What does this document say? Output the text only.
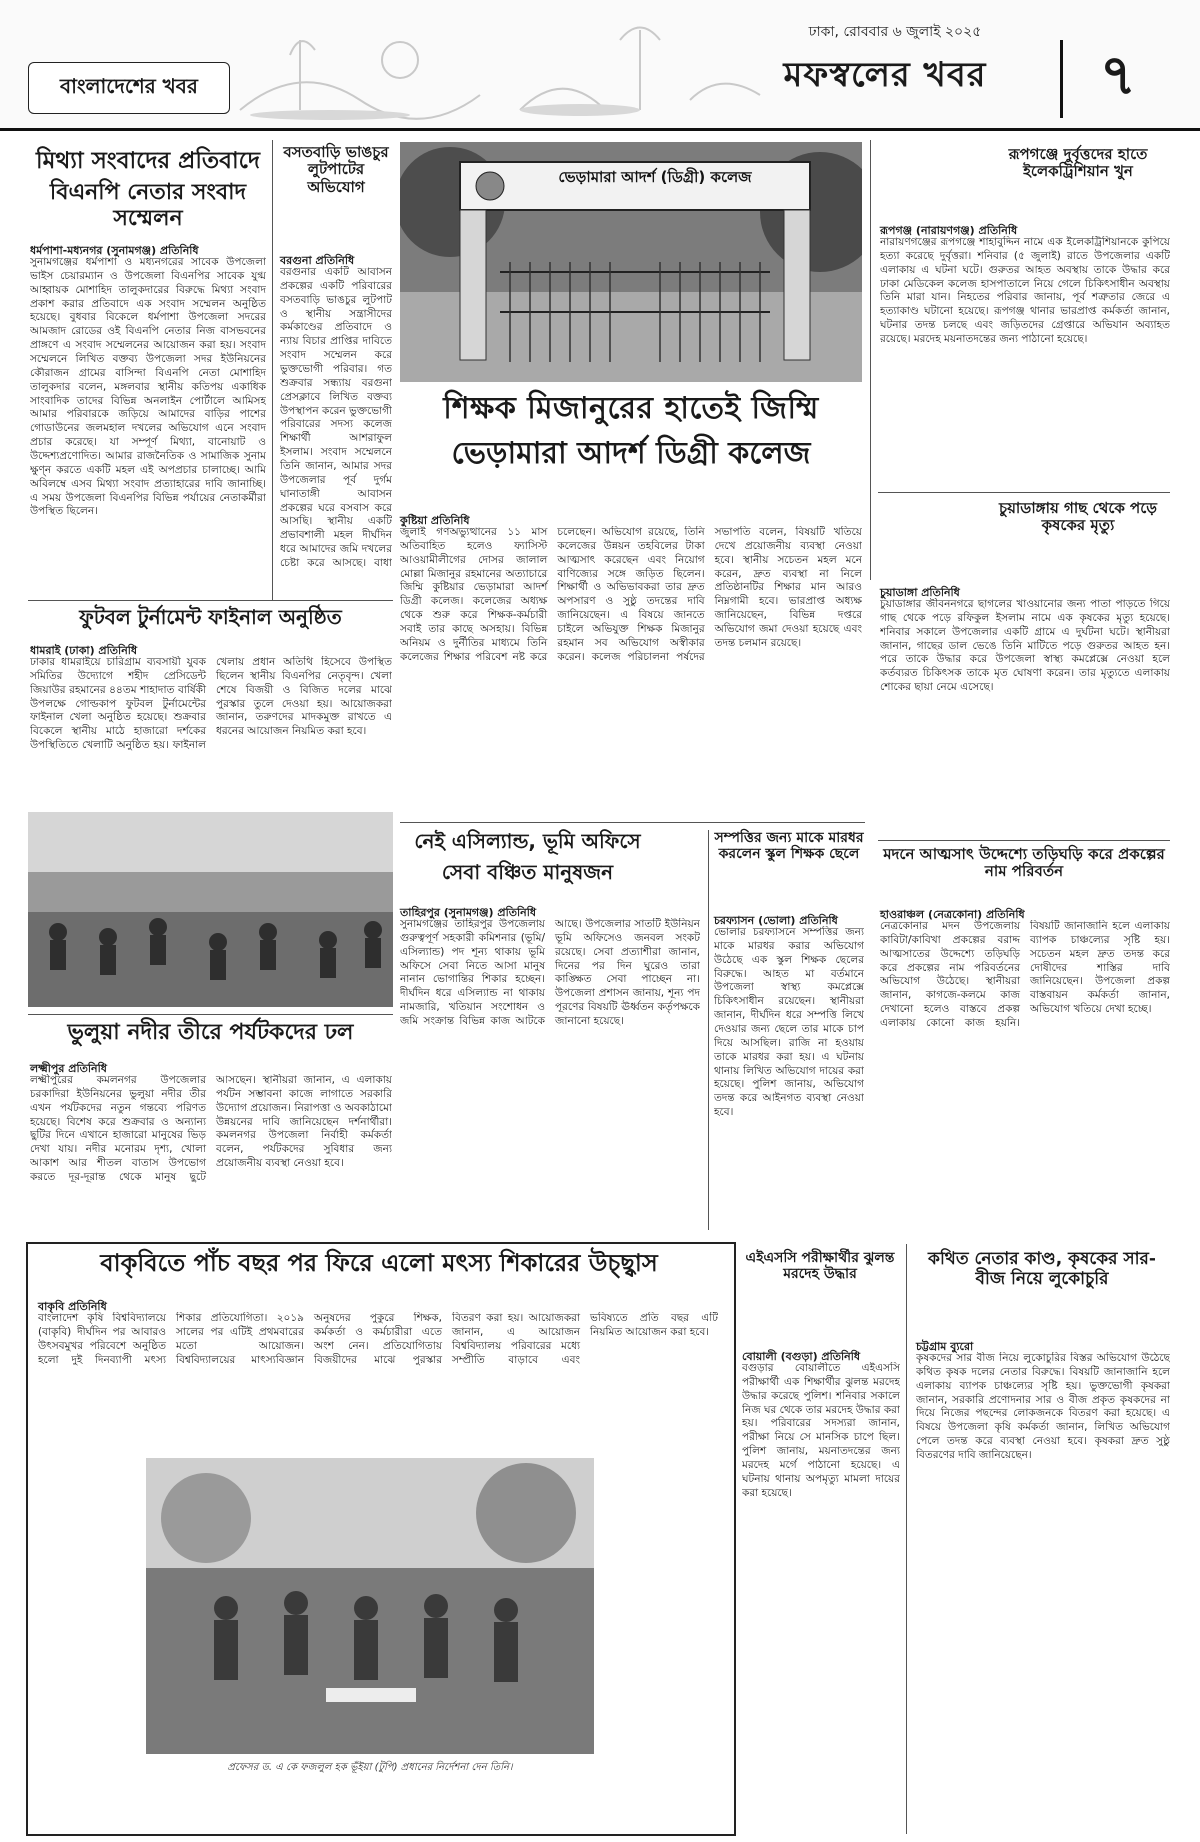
বাংলাদেশের খবর
ঢাকা, রোববার ৬ জুলাই ২০২৫
মফস্বলের খবর	৭
মিথ্যা সংবাদের প্রতিবাদে
বিএনপি নেতার সংবাদ সম্মেলন
ধর্মপাশা-মধ্যনগর (সুনামগঞ্জ) প্রতিনিধি
সুনামগঞ্জের ধর্মপাশা ও মধ্যনগরের সাবেক উপজেলা ভাইস চেয়ারম্যান ও উপজেলা বিএনপির সাবেক যুগ্ম আহ্বায়ক মোশাহিদ তালুকদারের বিরুদ্ধে মিথ্যা সংবাদ প্রকাশ করার প্রতিবাদে এক সংবাদ সম্মেলন অনুষ্ঠিত হয়েছে। বুধবার বিকেলে ধর্মপাশা উপজেলা সদরের আমজাদ রোডের ওই বিএনপি নেতার নিজ বাসভবনের প্রাঙ্গণে এ সংবাদ সম্মেলনের আয়োজন করা হয়। সংবাদ সম্মেলনে লিখিত বক্তব্য উপজেলা সদর ইউনিয়নের কৌরাজন গ্রামের বাসিন্দা বিএনপি নেতা মোশাহিদ তালুকদার বলেন, মঙ্গলবার স্থানীয় কতিপয় একাধিক সাংবাদিক তাদের বিভিন্ন অনলাইন পোর্টালে আমিসহ আমার পরিবারকে জড়িয়ে আমাদের বাড়ির পাশের গোডাউনের জলমহাল দখলের অভিযোগ এনে সংবাদ প্রচার করেছে। যা সম্পূর্ণ মিথ্যা, বানোয়াট ও উদ্দেশ্যপ্রণোদিত। আমার রাজনৈতিক ও সামাজিক সুনাম ক্ষুণ্ন করতে একটি মহল এই অপপ্রচার চালাচ্ছে। আমি অবিলম্বে এসব মিথ্যা সংবাদ প্রত্যাহারের দাবি জানাচ্ছি। এ সময় উপজেলা বিএনপির বিভিন্ন পর্যায়ের নেতাকর্মীরা উপস্থিত ছিলেন।
বসতবাড়ি ভাঙচুর লুটপাটের অভিযোগ
বরগুনা প্রতিনিধি
বরগুনার একটি আবাসন প্রকল্পের একটি পরিবারের বসতবাড়ি ভাঙচুর লুটপাট ও স্থানীয় সন্ত্রাসীদের কর্মকাণ্ডের প্রতিবাদে ও ন্যায় বিচার প্রাপ্তির দাবিতে সংবাদ সম্মেলন করে ভুক্তভোগী পরিবার। গত শুক্রবার সন্ধ্যায় বরগুনা প্রেসক্লাবে লিখিত বক্তব্য উপস্থাপন করেন ভুক্তভোগী পরিবারের সদস্য কলেজ শিক্ষার্থী আশরাফুল ইসলাম। সংবাদ সম্মেলনে তিনি জানান, আমার সদর উপজেলার পূর্ব দুর্গম ঘানাতাঙ্গী আবাসন প্রকল্পের ঘরে বসবাস করে আসছি। স্থানীয় একটি প্রভাবশালী মহল দীর্ঘদিন ধরে আমাদের জমি দখলের চেষ্টা করে আসছে। বাধা
ভেড়ামারা আদর্শ (ডিগ্রী) কলেজ
রূপগঞ্জে দুর্বৃত্তদের হাতে ইলেকট্রিশিয়ান খুন
রূপগঞ্জ (নারায়ণগঞ্জ) প্রতিনিধি
নারায়ণগঞ্জের রূপগঞ্জে শাহাবুদ্দিন নামে এক ইলেকট্রিশিয়ানকে কুপিয়ে হত্যা করেছে দুর্বৃত্তরা। শনিবার (৫ জুলাই) রাতে উপজেলার একটি এলাকায় এ ঘটনা ঘটে। গুরুতর আহত অবস্থায় তাকে উদ্ধার করে ঢাকা মেডিকেল কলেজ হাসপাতালে নিয়ে গেলে চিকিৎসাধীন অবস্থায় তিনি মারা যান। নিহতের পরিবার জানায়, পূর্ব শত্রুতার জেরে এ হত্যাকাণ্ড ঘটানো হয়েছে। রূপগঞ্জ থানার ভারপ্রাপ্ত কর্মকর্তা জানান, ঘটনার তদন্ত চলছে এবং জড়িতদের গ্রেপ্তারে অভিযান অব্যাহত রয়েছে। মরদেহ ময়নাতদন্তের জন্য পাঠানো হয়েছে।
শিক্ষক মিজানুরের হাতেই জিম্মি
ভেড়ামারা আদর্শ ডিগ্রী কলেজ
চুয়াডাঙ্গায় গাছ থেকে পড়ে কৃষকের মৃত্যু
চুয়াডাঙ্গা প্রতিনিধি
চুয়াডাঙ্গার জীবননগরে ছাগলের খাওয়ানোর জন্য পাতা পাড়তে গিয়ে গাছ থেকে পড়ে রফিকুল ইসলাম নামে এক কৃষকের মৃত্যু হয়েছে। শনিবার সকালে উপজেলার একটি গ্রামে এ দুর্ঘটনা ঘটে। স্থানীয়রা জানান, গাছের ডাল ভেঙে তিনি মাটিতে পড়ে গুরুতর আহত হন। পরে তাকে উদ্ধার করে উপজেলা স্বাস্থ্য কমপ্লেক্সে নেওয়া হলে কর্তব্যরত চিকিৎসক তাকে মৃত ঘোষণা করেন। তার মৃত্যুতে এলাকায় শোকের ছায়া নেমে এসেছে।
কুষ্টিয়া প্রতিনিধি
জুলাই গণঅভ্যুত্থানের ১১ মাস অতিবাহিত হলেও ফ্যাসিস্ট আওয়ামীলীগের দোসর জালাল মোল্লা মিজানুর রহমানের অত্যাচারে জিম্মি কুষ্টিয়ার ভেড়ামারা আদর্শ ডিগ্রী কলেজ। কলেজের অধ্যক্ষ থেকে শুরু করে শিক্ষক-কর্মচারী সবাই তার কাছে অসহায়। বিভিন্ন অনিয়ম ও দুর্নীতির মাধ্যমে তিনি কলেজের শিক্ষার পরিবেশ নষ্ট করে চলেছেন। অভিযোগ রয়েছে, তিনি কলেজের উন্নয়ন তহবিলের টাকা আত্মসাৎ করেছেন এবং নিয়োগ বাণিজ্যের সঙ্গে জড়িত ছিলেন। শিক্ষার্থী ও অভিভাবকরা তার দ্রুত অপসারণ ও সুষ্ঠু তদন্তের দাবি জানিয়েছেন। এ বিষয়ে জানতে চাইলে অভিযুক্ত শিক্ষক মিজানুর রহমান সব অভিযোগ অস্বীকার করেন। কলেজ পরিচালনা পর্ষদের সভাপতি বলেন, বিষয়টি খতিয়ে দেখে প্রয়োজনীয় ব্যবস্থা নেওয়া হবে। স্থানীয় সচেতন মহল মনে করেন, দ্রুত ব্যবস্থা না নিলে প্রতিষ্ঠানটির শিক্ষার মান আরও নিম্নগামী হবে। ভারপ্রাপ্ত অধ্যক্ষ জানিয়েছেন, বিভিন্ন দপ্তরে অভিযোগ জমা দেওয়া হয়েছে এবং তদন্ত চলমান রয়েছে।
ফুটবল টুর্নামেন্ট ফাইনাল অনুষ্ঠিত
ধামরাই (ঢাকা) প্রতিনিধি
ঢাকার ধামরাইয়ে চারিগ্রাম ব্যবসায়ী যুবক সমিতির উদ্যোগে শহীদ প্রেসিডেন্ট জিয়াউর রহমানের ৪৪তম শাহাদাত বার্ষিকী উপলক্ষে গোল্ডকাপ ফুটবল টুর্নামেন্টের ফাইনাল খেলা অনুষ্ঠিত হয়েছে। শুক্রবার বিকেলে স্থানীয় মাঠে হাজারো দর্শকের উপস্থিতিতে খেলাটি অনুষ্ঠিত হয়। ফাইনাল খেলায় প্রধান অতিথি হিসেবে উপস্থিত ছিলেন স্থানীয় বিএনপির নেতৃবৃন্দ। খেলা শেষে বিজয়ী ও বিজিত দলের মাঝে পুরস্কার তুলে দেওয়া হয়। আয়োজকরা জানান, তরুণদের মাদকমুক্ত রাখতে এ ধরনের আয়োজন নিয়মিত করা হবে।
নেই এসিল্যান্ড, ভূমি অফিসে
সেবা বঞ্চিত মানুষজন
তাহিরপুর (সুনামগঞ্জ) প্রতিনিধি
সুনামগঞ্জের তাহিরপুর উপজেলায় গুরুত্বপূর্ণ সহকারী কমিশনার (ভূমি/এসিল্যান্ড) পদ শূন্য থাকায় ভূমি অফিসে সেবা নিতে আসা মানুষ নানান ভোগান্তির শিকার হচ্ছেন। দীর্ঘদিন ধরে এসিল্যান্ড না থাকায় নামজারি, খতিয়ান সংশোধন ও জমি সংক্রান্ত বিভিন্ন কাজ আটকে আছে। উপজেলার সাতটি ইউনিয়ন ভূমি অফিসেও জনবল সংকট রয়েছে। সেবা প্রত্যাশীরা জানান, দিনের পর দিন ঘুরেও তারা কাঙ্ক্ষিত সেবা পাচ্ছেন না। উপজেলা প্রশাসন জানায়, শূন্য পদ পূরণের বিষয়টি ঊর্ধ্বতন কর্তৃপক্ষকে জানানো হয়েছে।
সম্পত্তির জন্য মাকে মারধর করলেন স্কুল শিক্ষক ছেলে
চরফ্যাসন (ভোলা) প্রতিনিধি
ভোলার চরফ্যাসনে সম্পত্তির জন্য মাকে মারধর করার অভিযোগ উঠেছে এক স্কুল শিক্ষক ছেলের বিরুদ্ধে। আহত মা বর্তমানে উপজেলা স্বাস্থ্য কমপ্লেক্সে চিকিৎসাধীন রয়েছেন। স্থানীয়রা জানান, দীর্ঘদিন ধরে সম্পত্তি লিখে দেওয়ার জন্য ছেলে তার মাকে চাপ দিয়ে আসছিল। রাজি না হওয়ায় তাকে মারধর করা হয়। এ ঘটনায় থানায় লিখিত অভিযোগ দায়ের করা হয়েছে। পুলিশ জানায়, অভিযোগ তদন্ত করে আইনগত ব্যবস্থা নেওয়া হবে।
মদনে আত্মসাৎ উদ্দেশ্যে তড়িঘড়ি করে প্রকল্পের নাম পরিবর্তন
হাওরাঞ্চল (নেত্রকোনা) প্রতিনিধি
নেত্রকোনার মদন উপজেলায় কাবিটা/কাবিখা প্রকল্পের বরাদ্দ আত্মসাতের উদ্দেশ্যে তড়িঘড়ি করে প্রকল্পের নাম পরিবর্তনের অভিযোগ উঠেছে। স্থানীয়রা জানান, কাগজে-কলমে কাজ দেখানো হলেও বাস্তবে প্রকল্প এলাকায় কোনো কাজ হয়নি। বিষয়টি জানাজানি হলে এলাকায় ব্যাপক চাঞ্চল্যের সৃষ্টি হয়। সচেতন মহল দ্রুত তদন্ত করে দোষীদের শাস্তির দাবি জানিয়েছেন। উপজেলা প্রকল্প বাস্তবায়ন কর্মকর্তা জানান, অভিযোগ খতিয়ে দেখা হচ্ছে।
ভুলুয়া নদীর তীরে পর্যটকদের ঢল
লক্ষ্মীপুর প্রতিনিধি
লক্ষ্মীপুরের কমলনগর উপজেলার চরকাদিরা ইউনিয়নের ভুলুয়া নদীর তীর এখন পর্যটকদের নতুন গন্তব্যে পরিণত হয়েছে। বিশেষ করে শুক্রবার ও অন্যান্য ছুটির দিনে এখানে হাজারো মানুষের ভিড় দেখা যায়। নদীর মনোরম দৃশ্য, খোলা আকাশ আর শীতল বাতাস উপভোগ করতে দূর-দূরান্ত থেকে মানুষ ছুটে আসছেন। স্থানীয়রা জানান, এ এলাকায় পর্যটন সম্ভাবনা কাজে লাগাতে সরকারি উদ্যোগ প্রয়োজন। নিরাপত্তা ও অবকাঠামো উন্নয়নের দাবি জানিয়েছেন দর্শনার্থীরা। কমলনগর উপজেলা নির্বাহী কর্মকর্তা বলেন, পর্যটকদের সুবিধার জন্য প্রয়োজনীয় ব্যবস্থা নেওয়া হবে।
বাকৃবিতে পাঁচ বছর পর ফিরে এলো মৎস্য শিকারের উচ্ছ্বাস
বাকৃবি প্রতিনিধি
বাংলাদেশ কৃষি বিশ্ববিদ্যালয়ে (বাকৃবি) দীর্ঘদিন পর আবারও উৎসবমুখর পরিবেশে অনুষ্ঠিত হলো দুই দিনব্যাপী মৎস্য শিকার প্রতিযোগিতা। ২০১৯ সালের পর এটিই প্রথমবারের মতো আয়োজন। বিশ্ববিদ্যালয়ের মাৎস্যবিজ্ঞান অনুষদের পুকুরে শিক্ষক, কর্মকর্তা ও কর্মচারীরা এতে অংশ নেন। প্রতিযোগিতায় বিজয়ীদের মাঝে পুরস্কার বিতরণ করা হয়। আয়োজকরা জানান, এ আয়োজন বিশ্ববিদ্যালয় পরিবারের মধ্যে সম্প্রীতি বাড়াবে এবং ভবিষ্যতে প্রতি বছর এটি নিয়মিত আয়োজন করা হবে।
প্রফেসর ড. এ কে ফজলুল হক ভূঁইয়া (টুপি) প্রধানের নির্দেশনা দেন তিনি।
এইএসসি পরীক্ষার্থীর ঝুলন্ত মরদেহ উদ্ধার
বোয়ালী (বগুড়া) প্রতিনিধি
বগুড়ার বোয়ালীতে এইএসসি পরীক্ষার্থী এক শিক্ষার্থীর ঝুলন্ত মরদেহ উদ্ধার করেছে পুলিশ। শনিবার সকালে নিজ ঘর থেকে তার মরদেহ উদ্ধার করা হয়। পরিবারের সদস্যরা জানান, পরীক্ষা নিয়ে সে মানসিক চাপে ছিল। পুলিশ জানায়, ময়নাতদন্তের জন্য মরদেহ মর্গে পাঠানো হয়েছে। এ ঘটনায় থানায় অপমৃত্যু মামলা দায়ের করা হয়েছে।
কথিত নেতার কাণ্ড, কৃষকের সার-বীজ নিয়ে লুকোচুরি
চট্টগ্রাম ব্যুরো
কৃষকদের সার বীজ নিয়ে লুকোচুরির বিস্তর অভিযোগ উঠেছে কথিত কৃষক দলের নেতার বিরুদ্ধে। বিষয়টি জানাজানি হলে এলাকায় ব্যাপক চাঞ্চল্যের সৃষ্টি হয়। ভুক্তভোগী কৃষকরা জানান, সরকারি প্রণোদনার সার ও বীজ প্রকৃত কৃষকদের না দিয়ে নিজের পছন্দের লোকজনকে বিতরণ করা হয়েছে। এ বিষয়ে উপজেলা কৃষি কর্মকর্তা জানান, লিখিত অভিযোগ পেলে তদন্ত করে ব্যবস্থা নেওয়া হবে। কৃষকরা দ্রুত সুষ্ঠু বিতরণের দাবি জানিয়েছেন।
